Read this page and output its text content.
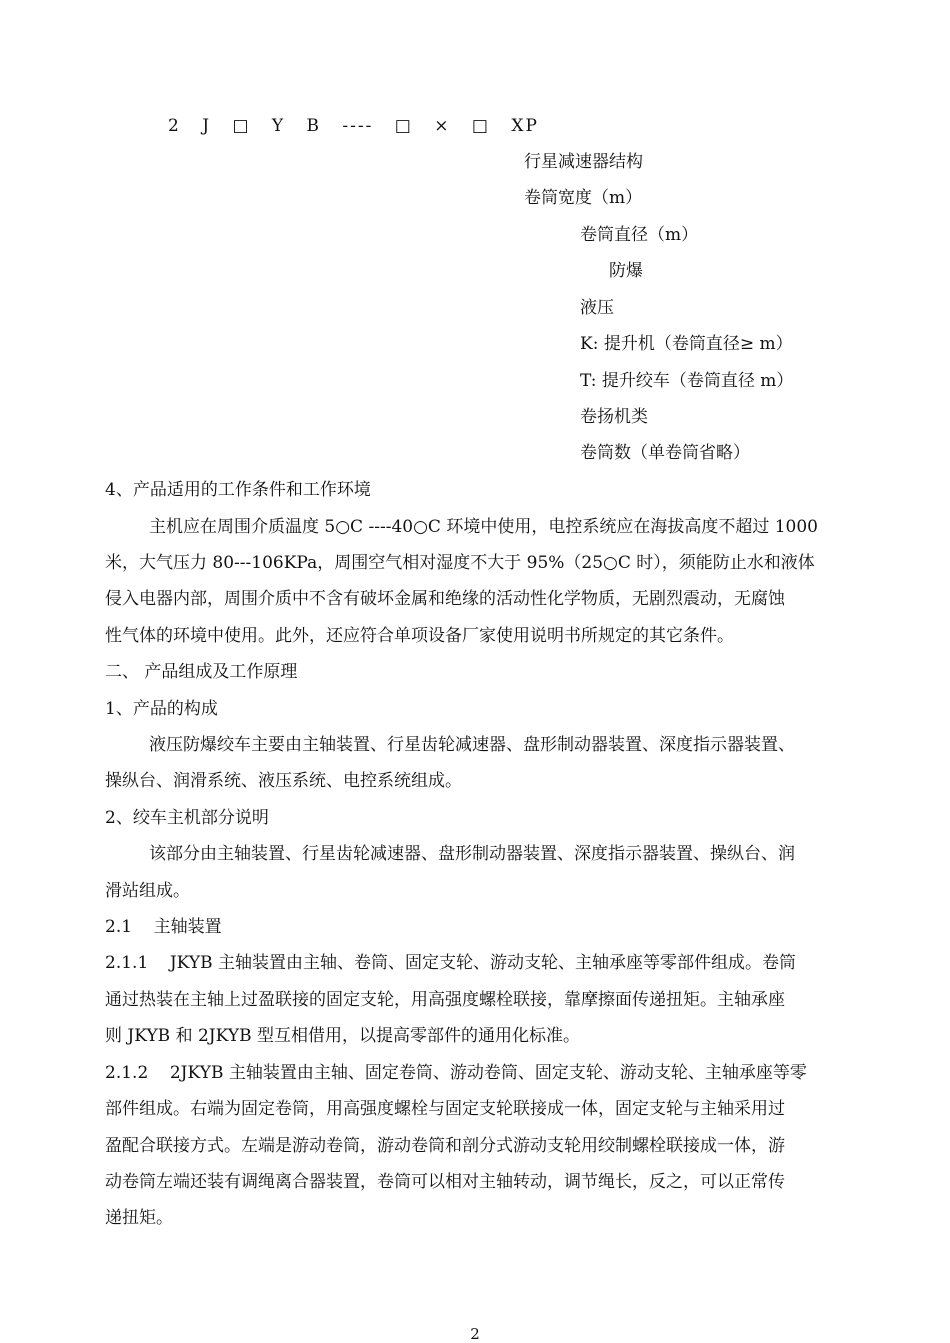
2 J □ Y B ---- □ × □ XP
行星减速器结构
卷筒宽度（m）
卷筒直径（m）
防爆
液压
K: 提升机（卷筒直径≥ m）
T: 提升绞车（卷筒直径 m）
卷扬机类
卷筒数（单卷筒省略）
4、产品适用的工作条件和工作环境
主机应在周围介质温度 5○C ----40○C 环境中使用，电控系统应在海拔高度不超过 1000
米，大气压力 80---106KPa，周围空气相对湿度不大于 95%（25○C 时），须能防止水和液体
侵入电器内部，周围介质中不含有破坏金属和绝缘的活动性化学物质，无剧烈震动，无腐蚀
性气体的环境中使用。此外，还应符合单项设备厂家使用说明书所规定的其它条件。
二、 产品组成及工作原理
1、产品的构成
液压防爆绞车主要由主轴装置、行星齿轮减速器、盘形制动器装置、深度指示器装置、
操纵台、润滑系统、液压系统、电控系统组成。
2、绞车主机部分说明
该部分由主轴装置、行星齿轮减速器、盘形制动器装置、深度指示器装置、操纵台、润
滑站组成。
2.1    主轴装置
2.1.1    JKYB 主轴装置由主轴、卷筒、固定支轮、游动支轮、主轴承座等零部件组成。卷筒
通过热装在主轴上过盈联接的固定支轮，用高强度螺栓联接，靠摩擦面传递扭矩。主轴承座
则 JKYB 和 2JKYB 型互相借用，以提高零部件的通用化标准。
2.1.2    2JKYB 主轴装置由主轴、固定卷筒、游动卷筒、固定支轮、游动支轮、主轴承座等零
部件组成。右端为固定卷筒，用高强度螺栓与固定支轮联接成一体，固定支轮与主轴采用过
盈配合联接方式。左端是游动卷筒，游动卷筒和剖分式游动支轮用绞制螺栓联接成一体，游
动卷筒左端还装有调绳离合器装置，卷筒可以相对主轴转动，调节绳长，反之，可以正常传
递扭矩。
2
